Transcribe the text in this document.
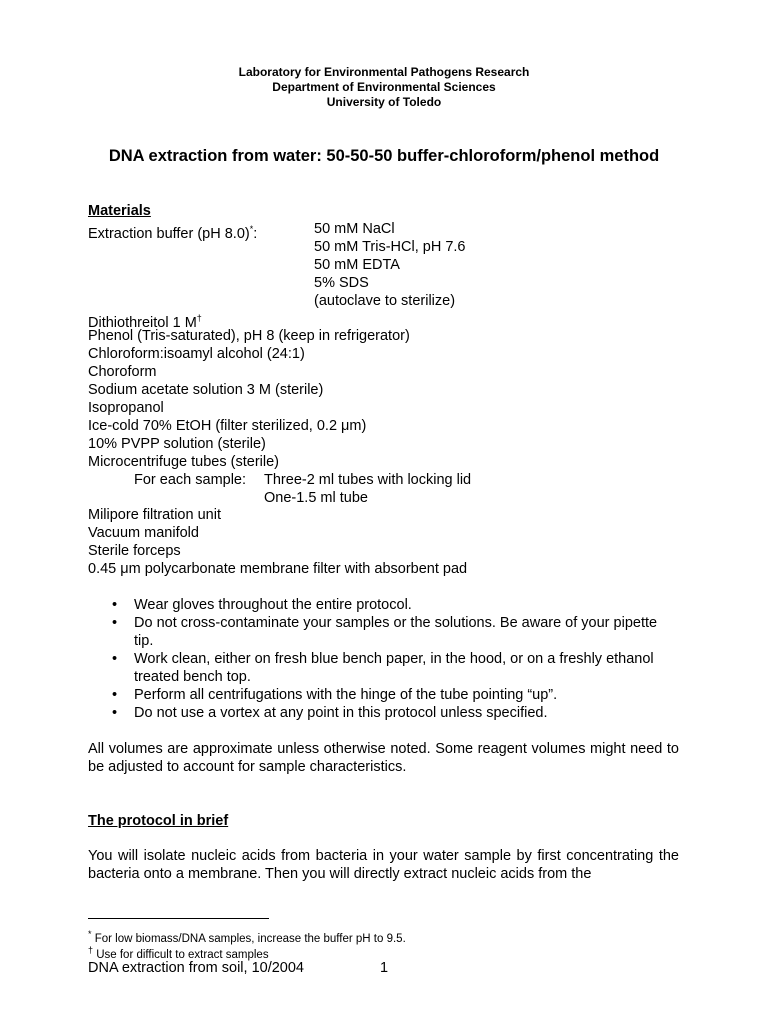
Laboratory for Environmental Pathogens Research
Department of Environmental Sciences
University of Toledo
DNA extraction from water: 50-50-50 buffer-chloroform/phenol method
Materials
Extraction buffer (pH 8.0)*:	50 mM NaCl
50 mM Tris-HCl, pH 7.6
50 mM EDTA
5% SDS
(autoclave to sterilize)
Dithiothreitol 1 M†
Phenol (Tris-saturated), pH 8 (keep in refrigerator)
Chloroform:isoamyl alcohol (24:1)
Choroform
Sodium acetate solution 3 M (sterile)
Isopropanol
Ice-cold 70% EtOH (filter sterilized, 0.2 μm)
10% PVPP solution (sterile)
Microcentrifuge tubes (sterile)
For each sample: Three-2 ml tubes with locking lid
One-1.5 ml tube
Milipore filtration unit
Vacuum manifold
Sterile forceps
0.45 μm polycarbonate membrane filter with absorbent pad
• Wear gloves throughout the entire protocol.
• Do not cross-contaminate your samples or the solutions. Be aware of your pipette tip.
• Work clean, either on fresh blue bench paper, in the hood, or on a freshly ethanol treated bench top.
• Perform all centrifugations with the hinge of the tube pointing “up”.
• Do not use a vortex at any point in this protocol unless specified.
All volumes are approximate unless otherwise noted. Some reagent volumes might need to be adjusted to account for sample characteristics.
The protocol in brief
You will isolate nucleic acids from bacteria in your water sample by first concentrating the bacteria onto a membrane. Then you will directly extract nucleic acids from the
* For low biomass/DNA samples, increase the buffer pH to 9.5.
† Use for difficult to extract samples
DNA extraction from soil, 10/2004	1
